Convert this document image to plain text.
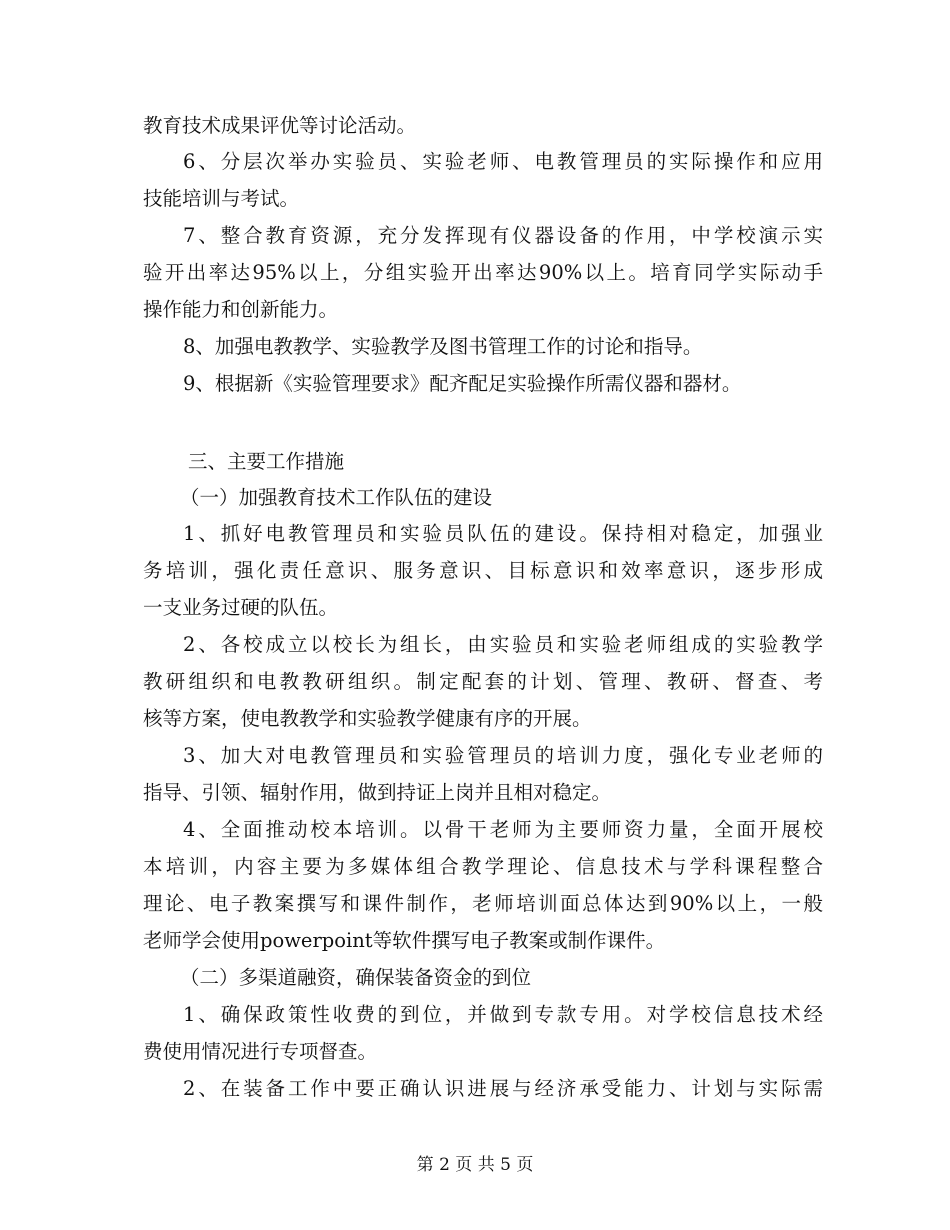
教育技术成果评优等讨论活动。
6、分层次举办实验员、实验老师、电教管理员的实际操作和应用
技能培训与考试。
7、整合教育资源，充分发挥现有仪器设备的作用，中学校演示实
验开出率达95%以上，分组实验开出率达90%以上。培育同学实际动手
操作能力和创新能力。
8、加强电教教学、实验教学及图书管理工作的讨论和指导。
9、根据新《实验管理要求》配齐配足实验操作所需仪器和器材。
三、主要工作措施
（一）加强教育技术工作队伍的建设
1、抓好电教管理员和实验员队伍的建设。保持相对稳定，加强业
务培训，强化责任意识、服务意识、目标意识和效率意识，逐步形成
一支业务过硬的队伍。
2、各校成立以校长为组长，由实验员和实验老师组成的实验教学
教研组织和电教教研组织。制定配套的计划、管理、教研、督查、考
核等方案，使电教教学和实验教学健康有序的开展。
3、加大对电教管理员和实验管理员的培训力度，强化专业老师的
指导、引领、辐射作用，做到持证上岗并且相对稳定。
4、全面推动校本培训。以骨干老师为主要师资力量，全面开展校
本培训，内容主要为多媒体组合教学理论、信息技术与学科课程整合
理论、电子教案撰写和课件制作，老师培训面总体达到90%以上，一般
老师学会使用powerpoint等软件撰写电子教案或制作课件。
（二）多渠道融资，确保装备资金的到位
1、确保政策性收费的到位，并做到专款专用。对学校信息技术经
费使用情况进行专项督查。
2、在装备工作中要正确认识进展与经济承受能力、计划与实际需
第 2 页 共 5 页
